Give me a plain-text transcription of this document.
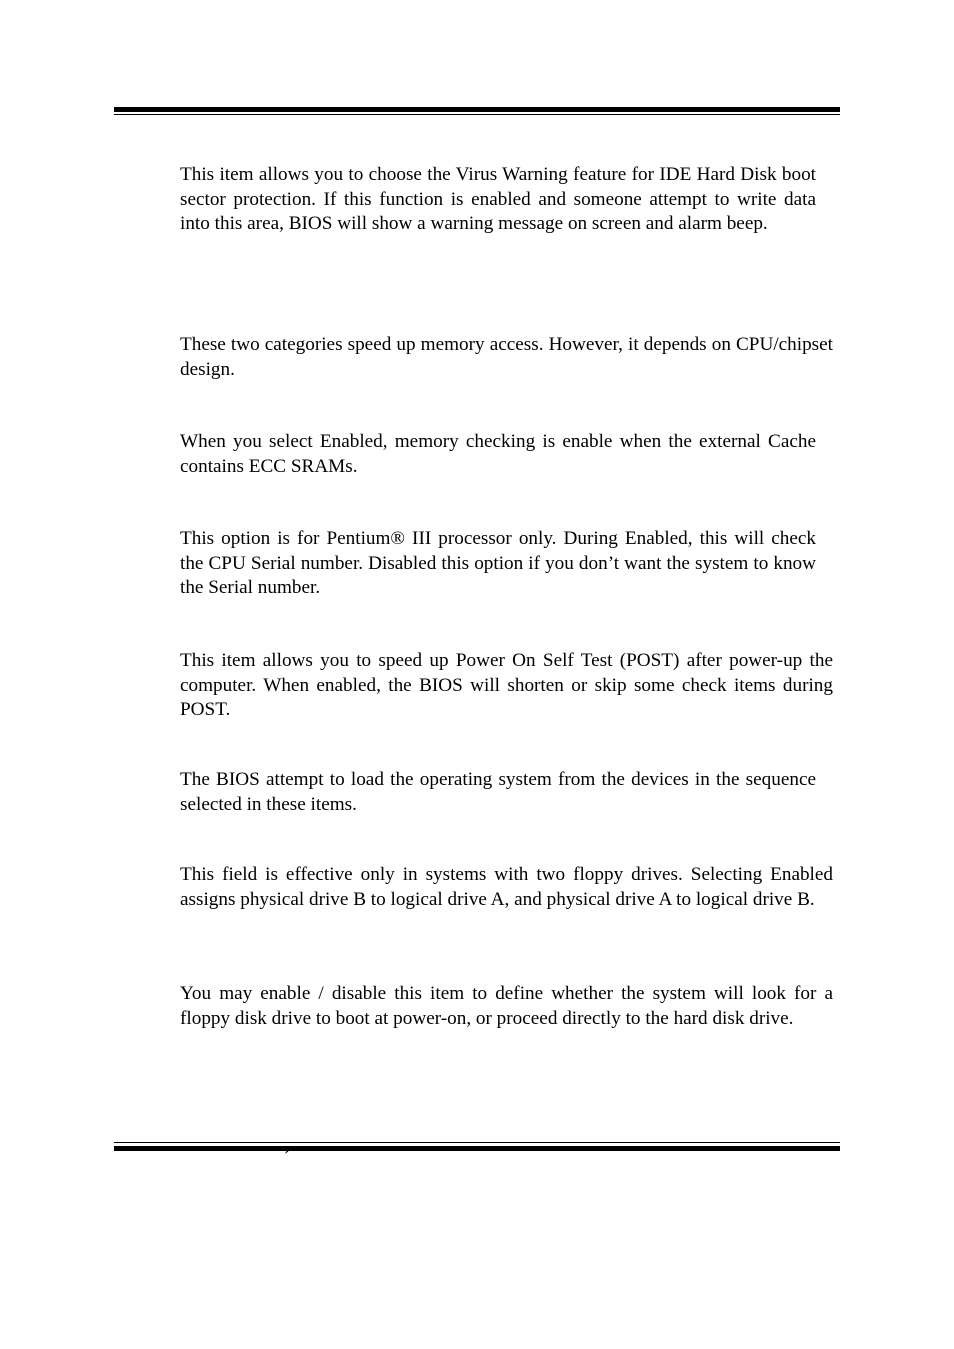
This item allows you to choose the Virus Warning feature for IDE Hard Disk boot sector protection. If this function is enabled and someone attempt to write data into this area, BIOS will show a warning message on screen and alarm beep.

These two categories speed up memory access. However, it depends on CPU/chipset design.

When you select Enabled, memory checking is enable when the external Cache contains ECC SRAMs.

This option is for Pentium® III processor only. During Enabled, this will check the CPU Serial number. Disabled this option if you don’t want the system to know the Serial number.

This item allows you to speed up Power On Self Test (POST) after power-up the computer. When enabled, the BIOS will shorten or skip some check items during POST.

The BIOS attempt to load the operating system from the devices in the sequence selected in these items.

This field is effective only in systems with two floppy drives. Selecting Enabled assigns physical drive B to logical drive A, and physical drive A to logical drive B.

You may enable / disable this item to define whether the system will look for a floppy disk drive to boot at power-on, or proceed directly to the hard disk drive.

´
